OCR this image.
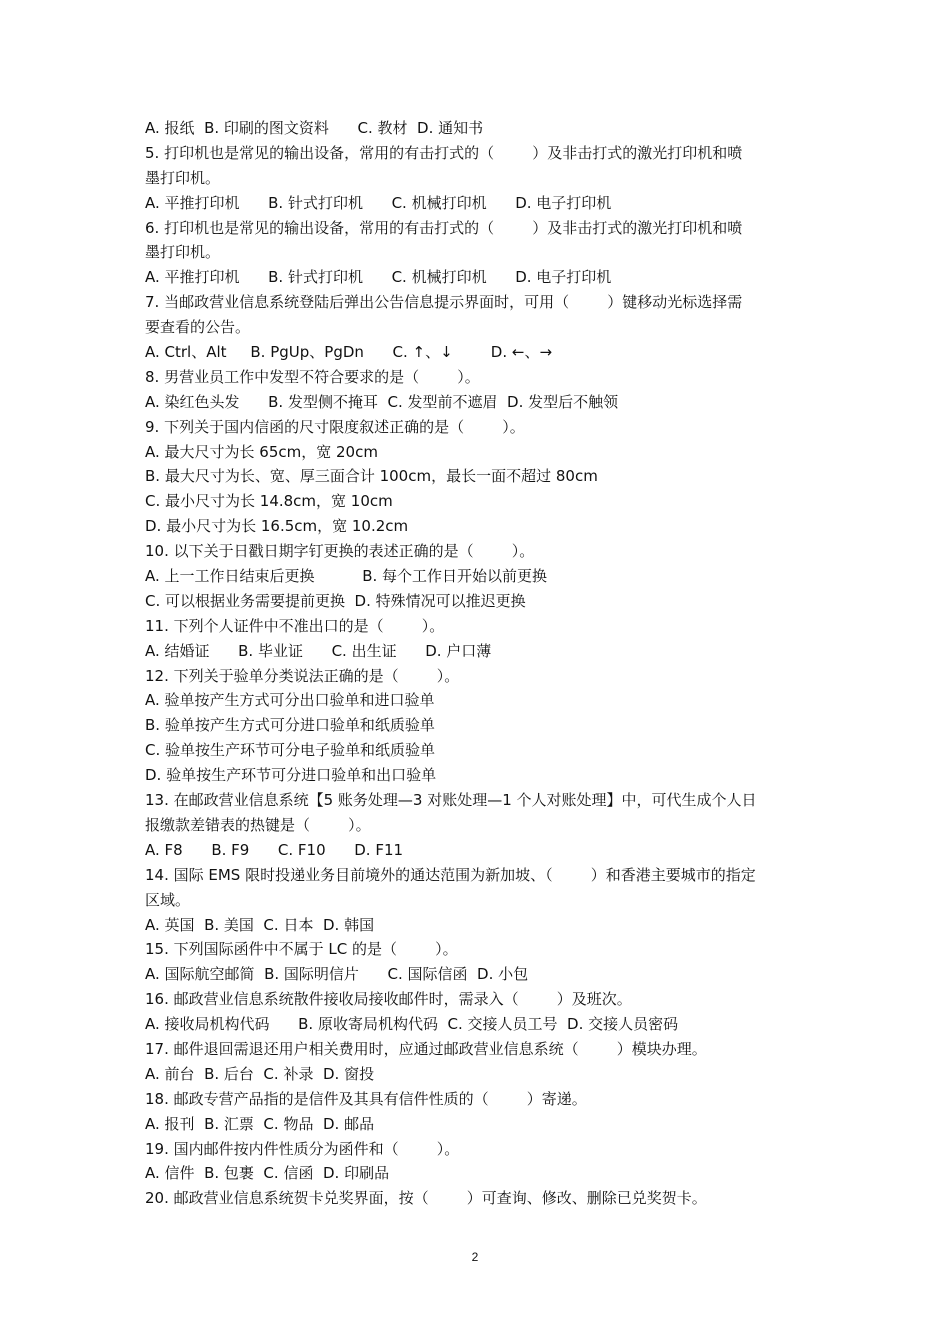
A. 报纸  B. 印刷的图文资料      C. 教材  D. 通知书
5. 打印机也是常见的输出设备，常用的有击打式的（        ）及非击打式的激光打印机和喷
墨打印机。
A. 平推打印机      B. 针式打印机      C. 机械打印机      D. 电子打印机
6. 打印机也是常见的输出设备，常用的有击打式的（        ）及非击打式的激光打印机和喷
墨打印机。
A. 平推打印机      B. 针式打印机      C. 机械打印机      D. 电子打印机
7. 当邮政营业信息系统登陆后弹出公告信息提示界面时，可用（        ）键移动光标选择需
要查看的公告。
A. Ctrl、Alt     B. PgUp、PgDn      C. ↑、↓        D. ←、→
8. 男营业员工作中发型不符合要求的是（        ）。
A. 染红色头发      B. 发型侧不掩耳  C. 发型前不遮眉  D. 发型后不触领
9. 下列关于国内信函的尺寸限度叙述正确的是（        ）。
A. 最大尺寸为长 65cm，宽 20cm
B. 最大尺寸为长、宽、厚三面合计 100cm，最长一面不超过 80cm
C. 最小尺寸为长 14.8cm，宽 10cm
D. 最小尺寸为长 16.5cm，宽 10.2cm
10. 以下关于日戳日期字钉更换的表述正确的是（        ）。
A. 上一工作日结束后更换          B. 每个工作日开始以前更换
C. 可以根据业务需要提前更换  D. 特殊情况可以推迟更换
11. 下列个人证件中不准出口的是（        ）。
A. 结婚证      B. 毕业证      C. 出生证      D. 户口薄
12. 下列关于验单分类说法正确的是（        ）。
A. 验单按产生方式可分出口验单和进口验单
B. 验单按产生方式可分进口验单和纸质验单
C. 验单按生产环节可分电子验单和纸质验单
D. 验单按生产环节可分进口验单和出口验单
13. 在邮政营业信息系统【5 账务处理—3 对账处理—1 个人对账处理】中，可代生成个人日
报缴款差错表的热键是（        ）。
A. F8      B. F9      C. F10      D. F11
14. 国际 EMS 限时投递业务目前境外的通达范围为新加坡、（        ）和香港主要城市的指定
区域。
A. 英国  B. 美国  C. 日本  D. 韩国
15. 下列国际函件中不属于 LC 的是（        ）。
A. 国际航空邮简  B. 国际明信片      C. 国际信函  D. 小包
16. 邮政营业信息系统散件接收局接收邮件时，需录入（        ）及班次。
A. 接收局机构代码      B. 原收寄局机构代码  C. 交接人员工号  D. 交接人员密码
17. 邮件退回需退还用户相关费用时，应通过邮政营业信息系统（        ）模块办理。
A. 前台  B. 后台  C. 补录  D. 窗投
18. 邮政专营产品指的是信件及其具有信件性质的（        ）寄递。
A. 报刊  B. 汇票  C. 物品  D. 邮品
19. 国内邮件按内件性质分为函件和（        ）。
A. 信件  B. 包裹  C. 信函  D. 印刷品
20. 邮政营业信息系统贺卡兑奖界面，按（        ）可查询、修改、删除已兑奖贺卡。
2
